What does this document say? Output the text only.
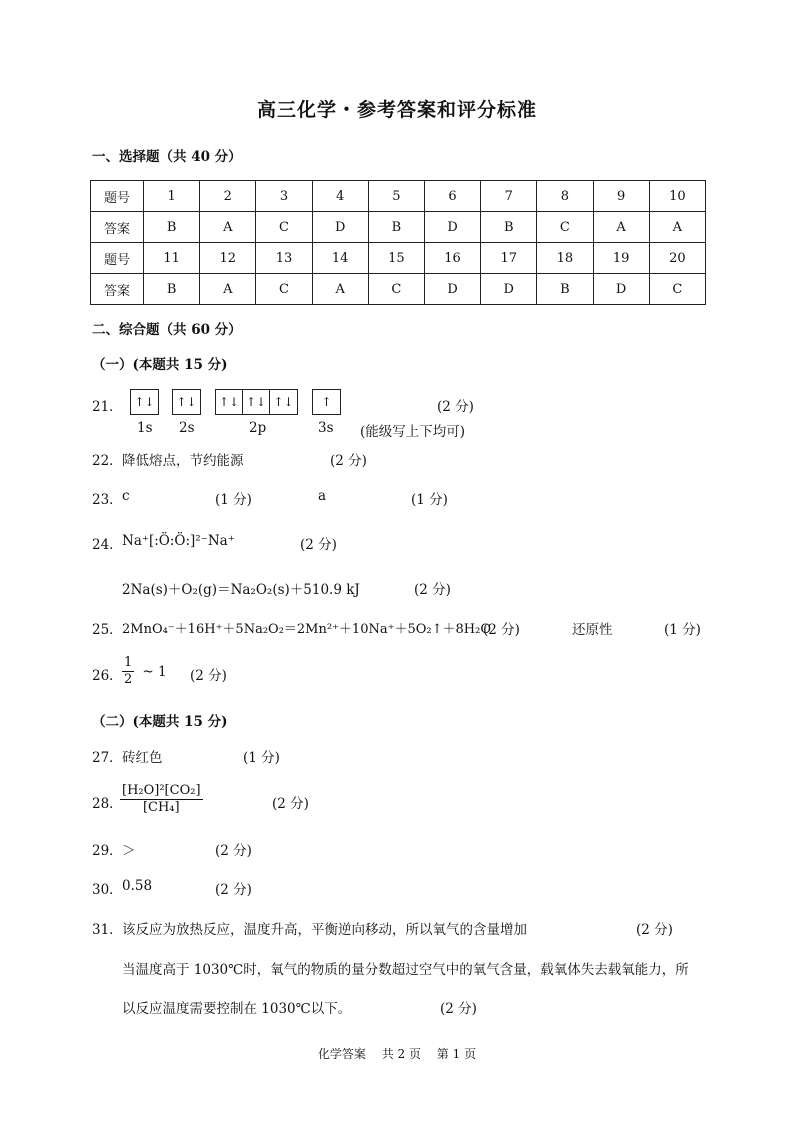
高三化学・参考答案和评分标准
一、选择题（共 40 分）
题号	1	2	3	4	5	6	7	8	9	10
答案	B	A	C	D	B	D	B	C	A	A
题号	11	12	13	14	15	16	17	18	19	20
答案	B	A	C	A	C	D	D	B	D	C
二、综合题（共 60 分）
（一）(本题共 15 分)
21． ↑↓	↑↓	↑↓ ↑↓ ↑↓	↑	(2 分)
1s 2s	2p	3s (能级写上下均可)
22． 降低熔点，节约能源	(2 分)
23． c	(1 分)	a	(1 分)
24． Na⁺[:Ö:Ö:]²⁻Na⁺	(2 分)
2Na(s)＋O₂(g)＝Na₂O₂(s)＋510.9 kJ	(2 分)
25． 2MnO₄⁻＋16H⁺＋5Na₂O₂＝2Mn²⁺＋10Na⁺＋5O₂↑＋8H₂O
(2 分)	还原性	(1 分)
26． $\frac{1}{2}$ ~ 1 (2 分)
（二）(本题共 15 分)
27． 砖红色	(1 分)
28．
$\frac{\text{[H₂O]²[CO₂]}}{\text{[CH₄]}}$	(2 分)
29． ＞	(2 分)
30． 0.58	(2 分)
31． 该反应为放热反应，温度升高，平衡逆向移动，所以氧气的含量增加	(2 分)
当温度高于 1030℃时，氧气的物质的量分数超过空气中的氧气含量，载氧体失去载氧能力，所
以反应温度需要控制在 1030℃以下。	(2 分)
化学答案　 共 2 页　 第 1 页
